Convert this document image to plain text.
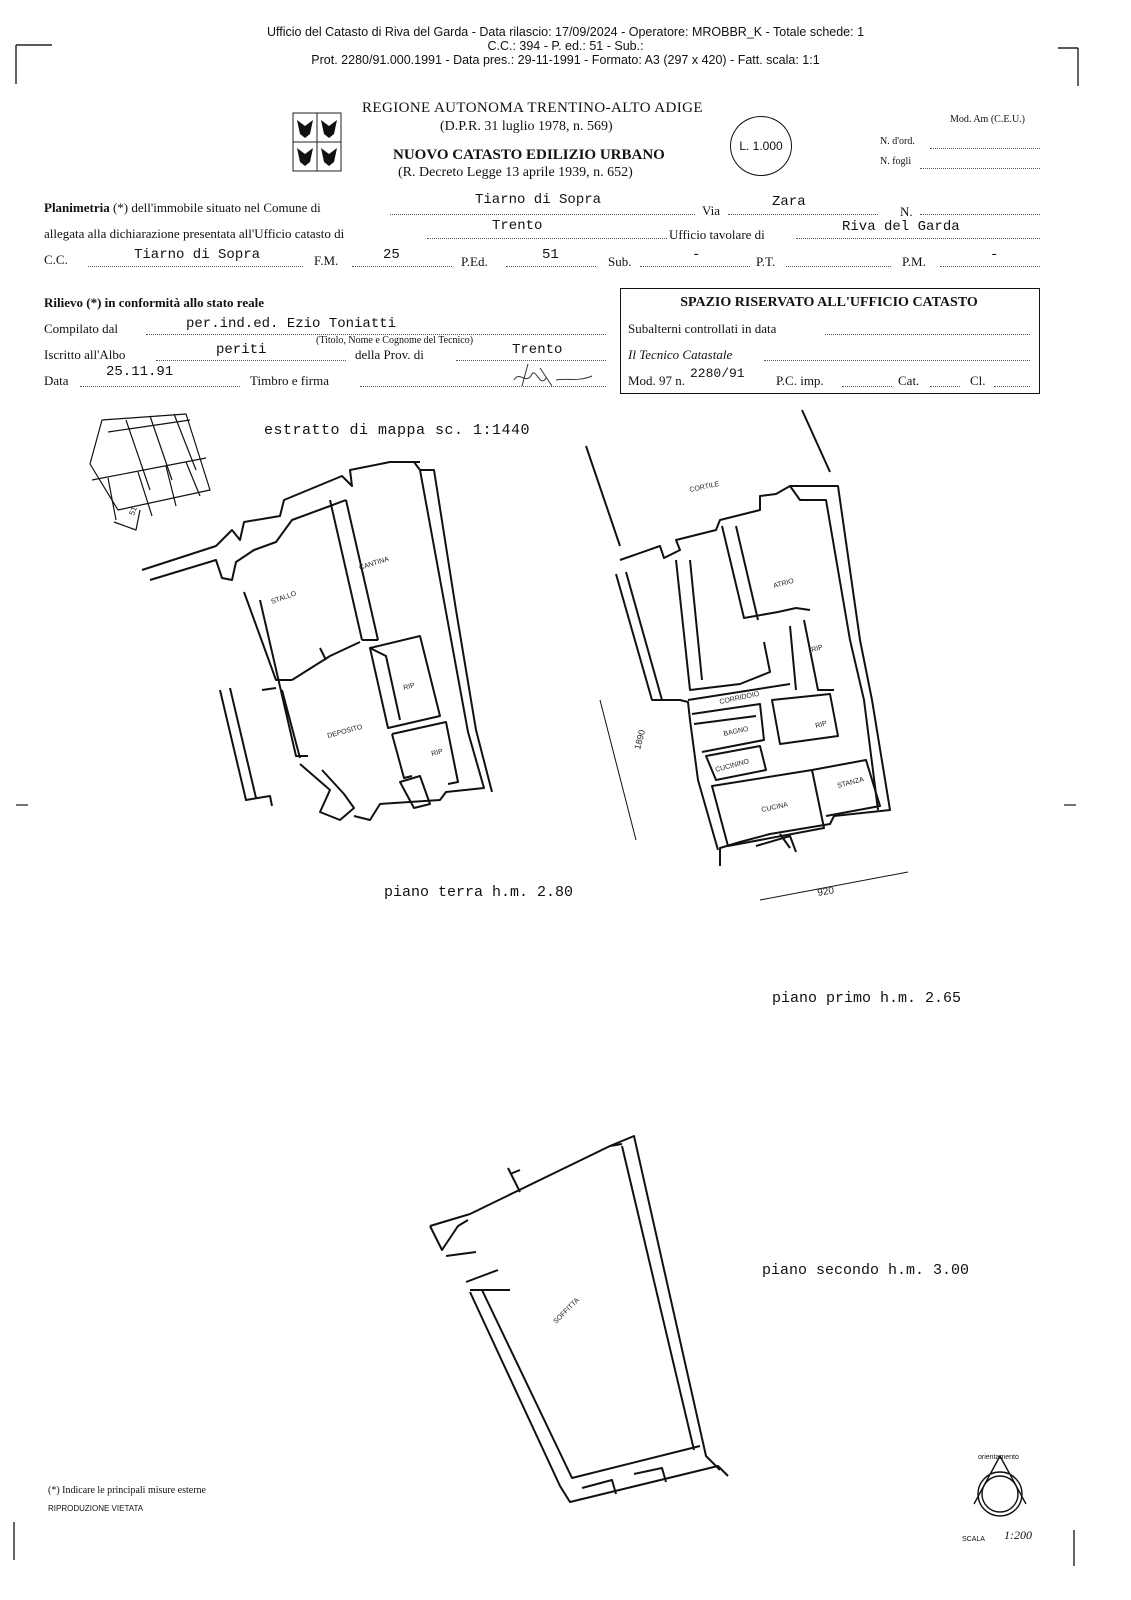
Ufficio del Catasto di Riva del Garda - Data rilascio: 17/09/2024 - Operatore: MROBBR_K - Totale schede: 1
C.C.: 394 - P. ed.: 51 - Sub.:
Prot. 2280/91.000.1991 - Data pres.: 29-11-1991 - Formato: A3 (297 x 420) - Fatt. scala: 1:1
REGIONE AUTONOMA TRENTINO-ALTO ADIGE
(D.P.R. 31 luglio 1978, n. 569)
NUOVO CATASTO EDILIZIO URBANO
(R. Decreto Legge 13 aprile 1939, n. 652)
L. 1.000
Mod. Am (C.E.U.)
N. d'ord.
N. fogli
Planimetria (*) dell'immobile situato nel Comune di	Tiarno di Sopra
Via
Zara
N.
allegata alla dichiarazione presentata all'Ufficio catasto di	Trento
Ufficio tavolare di	Riva del Garda
C.C.	Tiarno di Sopra	F.M.	25	P.Ed.	51	Sub.	-	P.T.	P.M.	-
Rilievo (*) in conformità allo stato reale
Compilato dal	per.ind.ed. Ezio Toniatti
(Titolo, Nome e Cognome del Tecnico)
Iscritto all'Albo	periti	della Prov. di	Trento
Data
25.11.91
Timbro e firma
SPAZIO RISERVATO ALL'UFFICIO CATASTO
Subalterni controllati in data
Il Tecnico Catastale
Mod. 97 n. 2280/91 P.C. imp.	Cat.	Cl.
STALLO
CANTINA
DEPOSITO
RIP
RIP
CORTILE
ATRIO
CORRIDOIO
RIP
RIP
BAGNO
CUCININO
CUCINA
STANZA
SOFFITTA
1890
920
51
estratto di mappa sc. 1:1440
piano terra h.m. 2.80
piano primo h.m. 2.65
piano secondo h.m. 3.00
(*) Indicare le principali misure esterne
RIPRODUZIONE VIETATA
orientamento
SCALA 1:200
